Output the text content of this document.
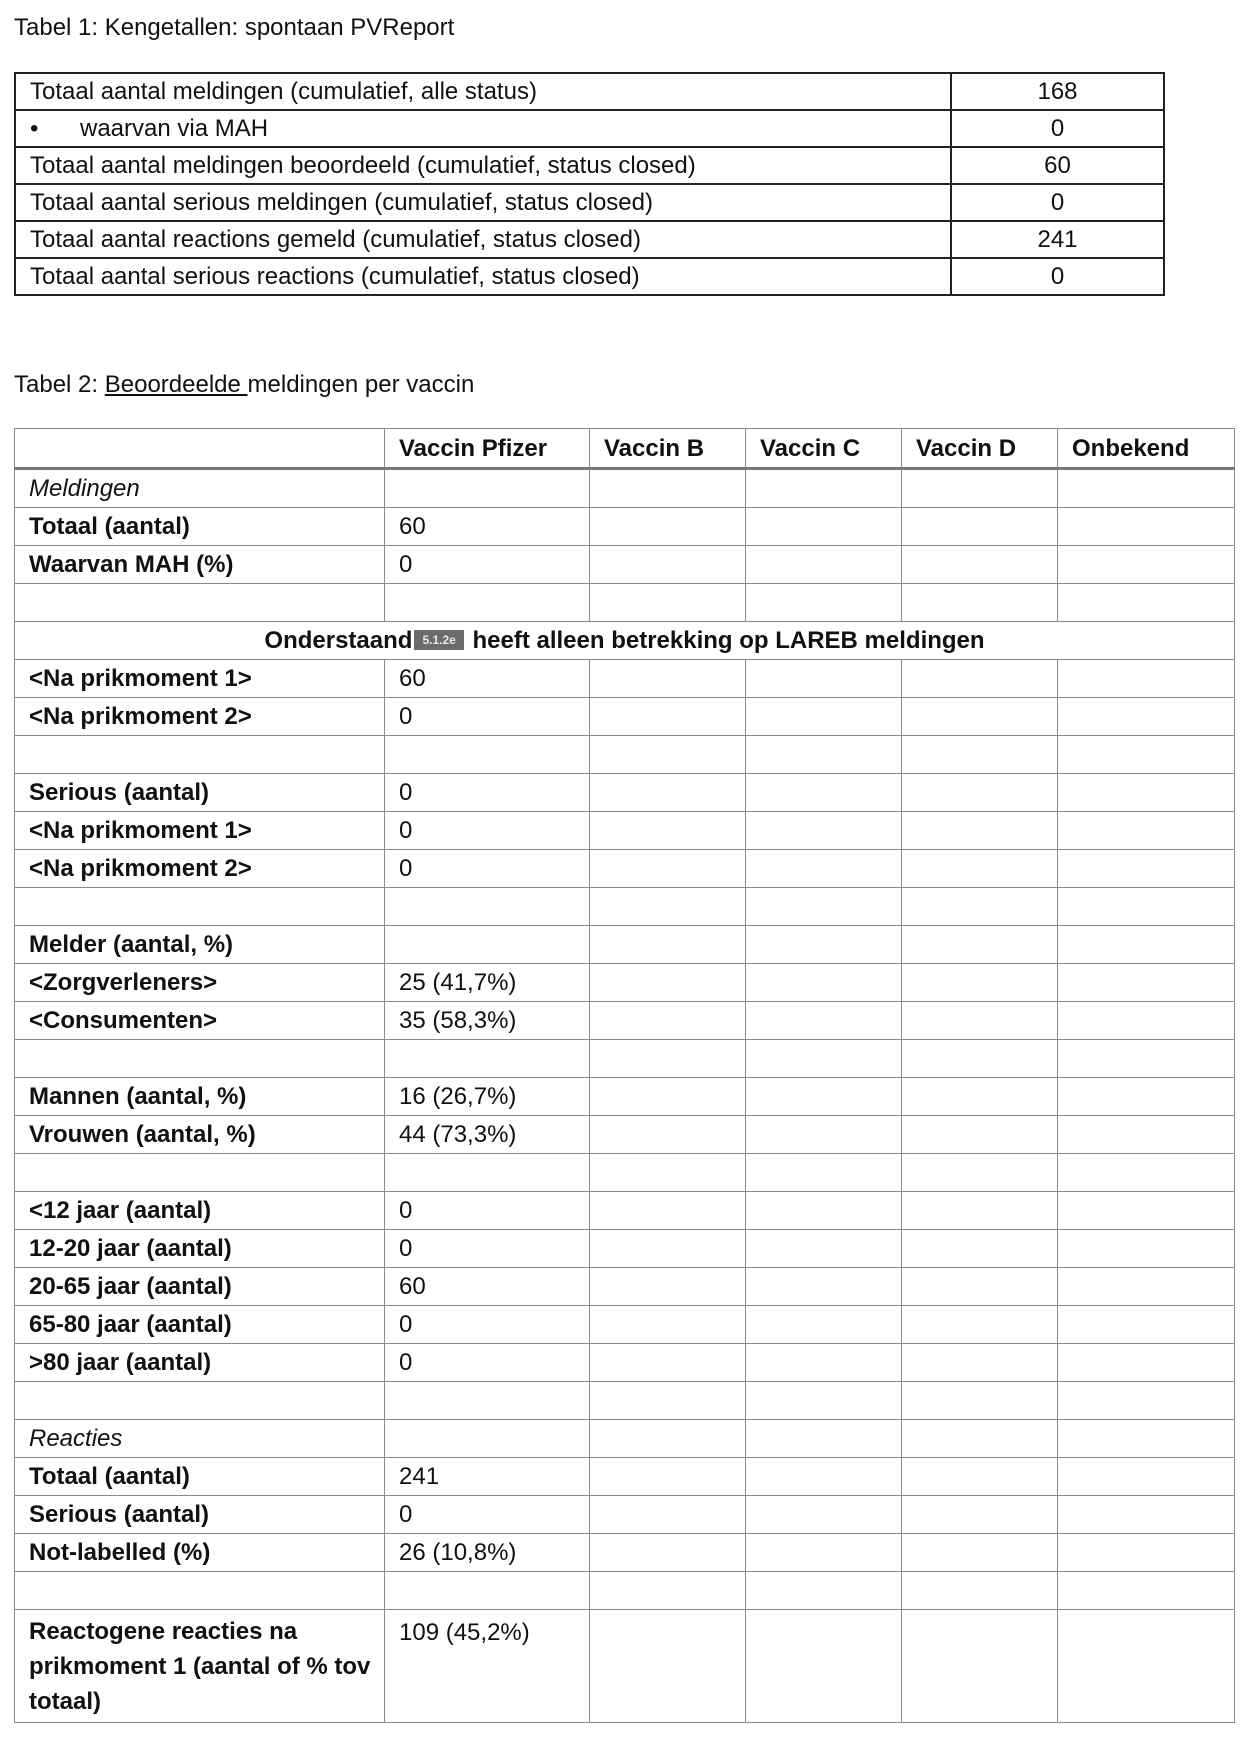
Tabel 1: Kengetallen: spontaan PVReport
Totaal aantal meldingen (cumulatief, alle status)	168
• waarvan via MAH	0
Totaal aantal meldingen beoordeeld (cumulatief, status closed)	60
Totaal aantal serious meldingen (cumulatief, status closed)	0
Totaal aantal reactions gemeld (cumulatief, status closed)	241
Totaal aantal serious reactions (cumulatief, status closed)	0
Tabel 2: Beoordeelde meldingen per vaccin
	Vaccin Pfizer	Vaccin B	Vaccin C	Vaccin D	Onbekend
Meldingen					
Totaal (aantal)	60				
Waarvan MAH (%)	0				

Onderstaand 5.1.2e heeft alleen betrekking op LAREB meldingen					
<Na prikmoment 1>	60				
<Na prikmoment 2>	0				

Serious (aantal)	0				
<Na prikmoment 1>	0				
<Na prikmoment 2>	0				

Melder (aantal, %)					
<Zorgverleners>	25 (41,7%)				
<Consumenten>	35 (58,3%)				

Mannen (aantal, %)	16 (26,7%)				
Vrouwen (aantal, %)	44 (73,3%)				

<12 jaar (aantal)	0				
12-20 jaar (aantal)	0				
20-65 jaar (aantal)	60				
65-80 jaar (aantal)	0				
>80 jaar (aantal)	0				

Reacties					
Totaal (aantal)	241				
Serious (aantal)	0				
Not-labelled (%)	26 (10,8%)				

Reactogene reacties na prikmoment 1 (aantal of % tov totaal)	109 (45,2%)				
